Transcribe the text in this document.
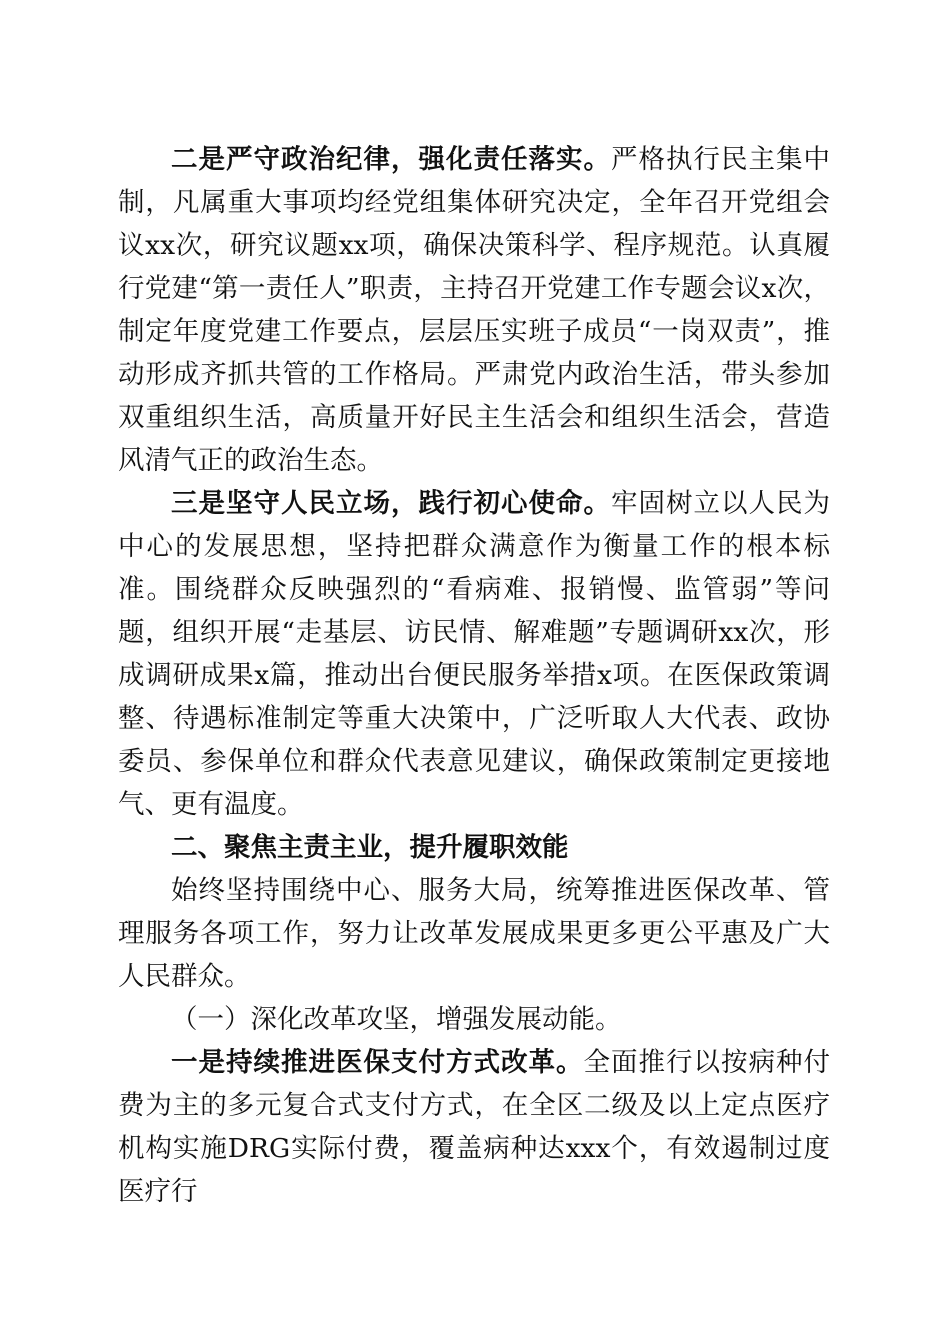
二是严守政治纪律，强化责任落实。严格执行民主集中制，凡属重大事项均经党组集体研究决定，全年召开党组会议xx次，研究议题xx项，确保决策科学、程序规范。认真履行党建“第一责任人”职责，主持召开党建工作专题会议x次，制定年度党建工作要点，层层压实班子成员“一岗双责”，推动形成齐抓共管的工作格局。严肃党内政治生活，带头参加双重组织生活，高质量开好民主生活会和组织生活会，营造风清气正的政治生态。

三是坚守人民立场，践行初心使命。牢固树立以人民为中心的发展思想，坚持把群众满意作为衡量工作的根本标准。围绕群众反映强烈的“看病难、报销慢、监管弱”等问题，组织开展“走基层、访民情、解难题”专题调研xx次，形成调研成果x篇，推动出台便民服务举措x项。在医保政策调整、待遇标准制定等重大决策中，广泛听取人大代表、政协委员、参保单位和群众代表意见建议，确保政策制定更接地气、更有温度。

二、聚焦主责主业，提升履职效能

始终坚持围绕中心、服务大局，统筹推进医保改革、管理服务各项工作，努力让改革发展成果更多更公平惠及广大人民群众。

（一）深化改革攻坚，增强发展动能。

一是持续推进医保支付方式改革。全面推行以按病种付费为主的多元复合式支付方式，在全区二级及以上定点医疗机构实施DRG实际付费，覆盖病种达xxx个，有效遏制过度医疗行
